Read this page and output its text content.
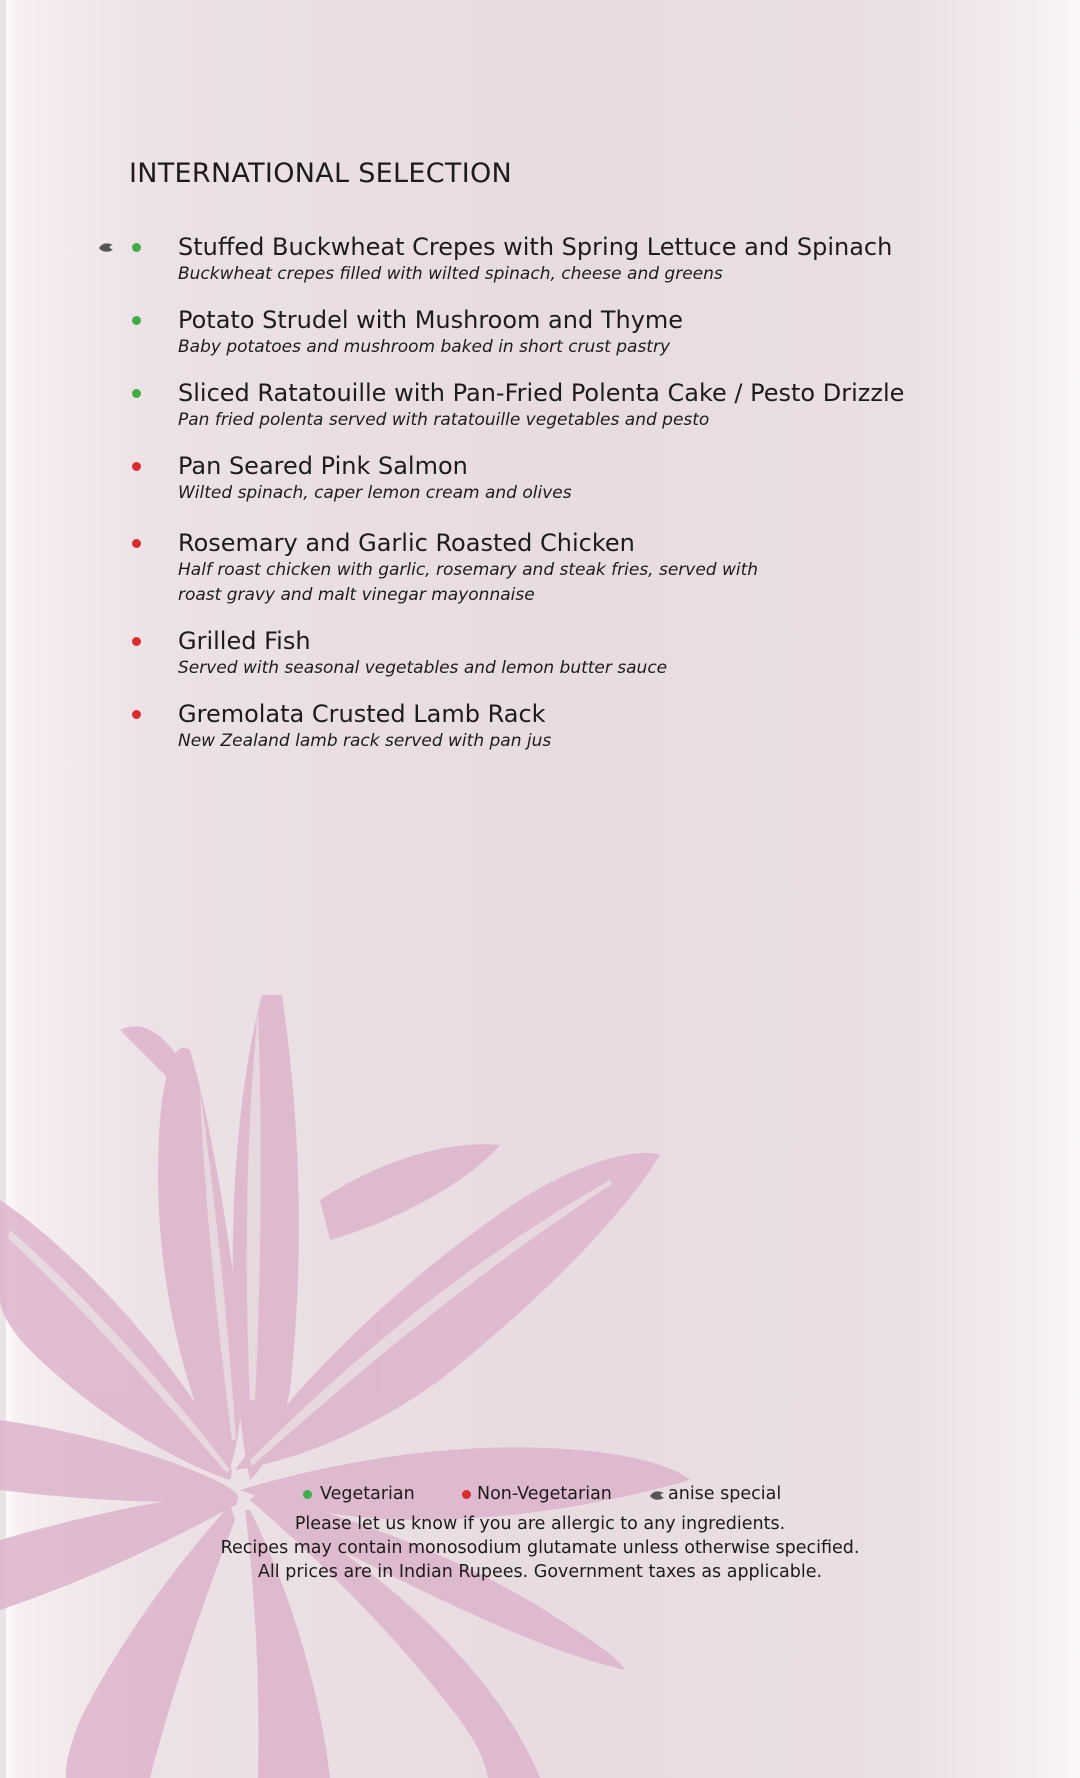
INTERNATIONAL SELECTION
Stuffed Buckwheat Crepes with Spring Lettuce and Spinach
Buckwheat crepes filled with wilted spinach, cheese and greens
Potato Strudel with Mushroom and Thyme
Baby potatoes and mushroom baked in short crust pastry
Sliced Ratatouille with Pan-Fried Polenta Cake / Pesto Drizzle
Pan fried polenta served with ratatouille vegetables and pesto
Pan Seared Pink Salmon
Wilted spinach, caper lemon cream and olives
Rosemary and Garlic Roasted Chicken
Half roast chicken with garlic, rosemary and steak fries, served with
roast gravy and malt vinegar mayonnaise
Grilled Fish
Served with seasonal vegetables and lemon butter sauce
Gremolata Crusted Lamb Rack
New Zealand lamb rack served with pan jus
Vegetarian	Non-Vegetarian	anise special
Please let us know if you are allergic to any ingredients.
Recipes may contain monosodium glutamate unless otherwise specified.
All prices are in Indian Rupees. Government taxes as applicable.
